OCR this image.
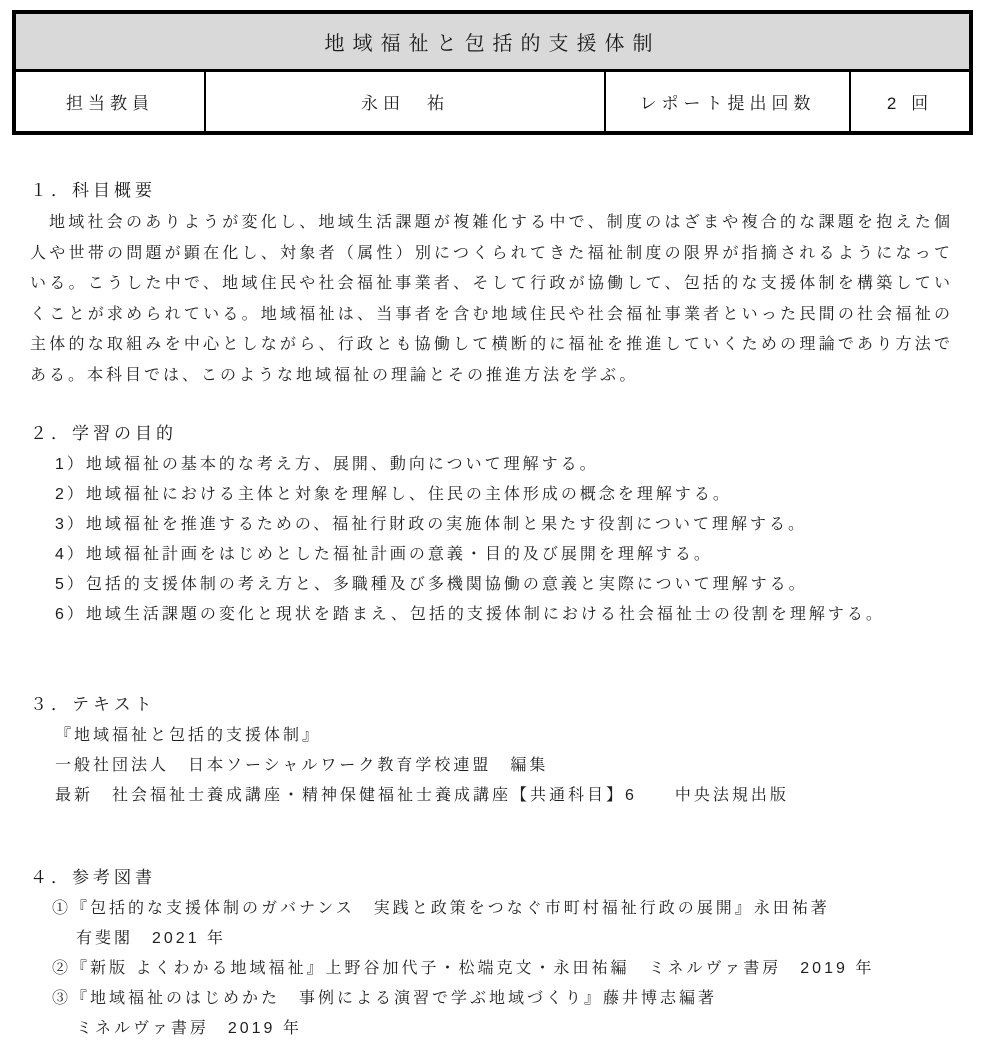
地域福祉と包括的支援体制
担当教員	永田　祐	レポート提出回数	2 回
１．科目概要

地域社会のありようが変化し、地域生活課題が複雑化する中で、制度のはざまや複合的な課題を抱えた個人や世帯の問題が顕在化し、対象者（属性）別につくられてきた福祉制度の限界が指摘されるようになっている。こうした中で、地域住民や社会福祉事業者、そして行政が協働して、包括的な支援体制を構築していくことが求められている。地域福祉は、当事者を含む地域住民や社会福祉事業者といった民間の社会福祉の主体的な取組みを中心としながら、行政とも協働して横断的に福祉を推進していくための理論であり方法である。本科目では、このような地域福祉の理論とその推進方法を学ぶ。

２．学習の目的
1）地域福祉の基本的な考え方、展開、動向について理解する。
2）地域福祉における主体と対象を理解し、住民の主体形成の概念を理解する。
3）地域福祉を推進するための、福祉行財政の実施体制と果たす役割について理解する。
4）地域福祉計画をはじめとした福祉計画の意義・目的及び展開を理解する。
5）包括的支援体制の考え方と、多職種及び多機関協働の意義と実際について理解する。
6）地域生活課題の変化と現状を踏まえ、包括的支援体制における社会福祉士の役割を理解する。
３．テキスト
『地域福祉と包括的支援体制』
一般社団法人　日本ソーシャルワーク教育学校連盟　編集
最新　社会福祉士養成講座・精神保健福祉士養成講座【共通科目】6　　中央法規出版
４．参考図書
①『包括的な支援体制のガバナンス　実践と政策をつなぐ市町村福祉行政の展開』永田祐著
有斐閣　2021 年
②『新版 よくわかる地域福祉』上野谷加代子・松端克文・永田祐編　ミネルヴァ書房　2019 年
③『地域福祉のはじめかた　事例による演習で学ぶ地域づくり』藤井博志編著
ミネルヴァ書房　2019 年
